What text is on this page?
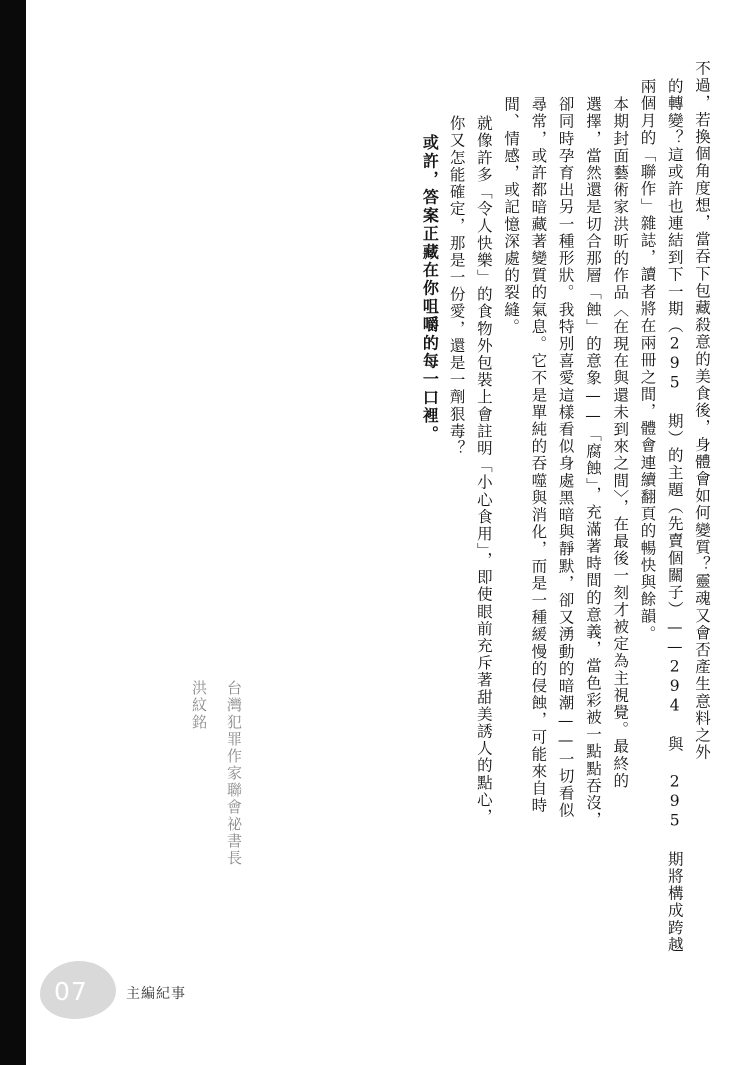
不過，若換個角度想，當吞下包藏殺意的美食後，身體會如何變質？靈魂又會否產生意料之外
的轉變？這或許也連結到下一期（295 期）的主題（先賣個關子）——294 與 295 期將構成跨越
兩個月的「聯作」雜誌，讀者將在兩冊之間，體會連續翻頁的暢快與餘韻。
本期封面藝術家洪昕的作品〈在現在與還未到來之間〉，在最後一刻才被定為主視覺。最終的
選擇，當然還是切合那層「蝕」的意象——「腐蝕」，充滿著時間的意義，當色彩被一點點吞沒，
卻同時孕育出另一種形狀。我特別喜愛這樣看似身處黑暗與靜默，卻又湧動的暗潮——一切看似
尋常，或許都暗藏著變質的氣息。它不是單純的吞噬與消化，而是一種緩慢的侵蝕，可能來自時
間、情感，或記憶深處的裂縫。
就像許多「令人快樂」的食物外包裝上會註明「小心食用」，即使眼前充斥著甜美誘人的點心，
你又怎能確定，那是一份愛，還是一劑狠毒？
或許，答案正藏在你咀嚼的每一口裡。
台灣犯罪作家聯會祕書長
洪紋銘
07	主編紀事
